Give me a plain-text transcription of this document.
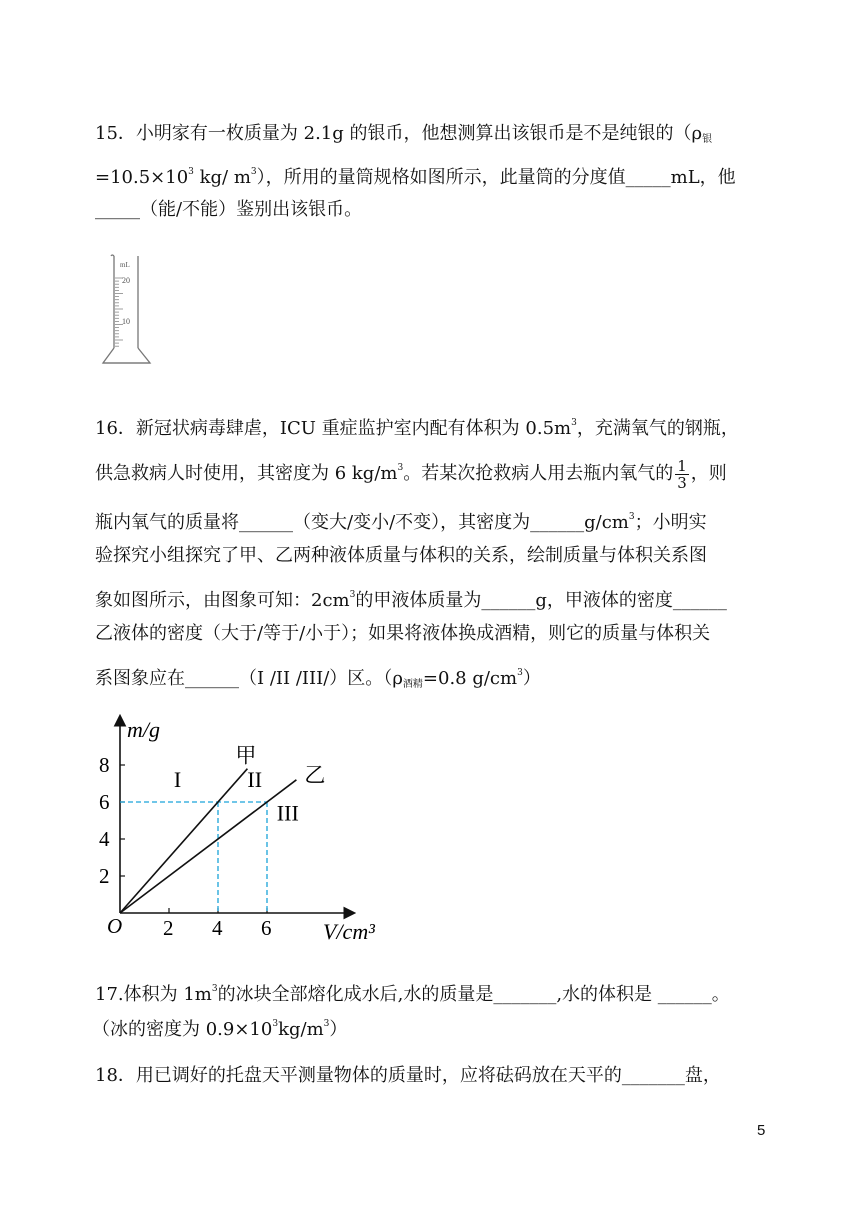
15．小明家有一枚质量为 2.1g 的银币，他想测算出该银币是不是纯银的（$\rho_银$
$=10.5\times 10^3$ kg/ $m^3$），所用的量筒规格如图所示，此量筒的分度值_____mL，他
_____（能/不能）鉴别出该银币。
mL
20
10
16．新冠状病毒肆虐，ICU 重症监护室内配有体积为 $0.5m^3$，充满氧气的钢瓶，
供急救病人时使用，其密度为 6 $kg/m^3$。若某次抢救病人用去瓶内氧气的 $\frac{1}{3}$ ，则
瓶内氧气的质量将______（变大/变小/不变），其密度为$\_\_\_\_\_\_g/cm^3$；小明实
验探究小组探究了甲、乙两种液体质量与体积的关系，绘制质量与体积关系图
象如图所示，由图象可知：$2cm^3$的甲液体质量为______g，甲液体的密度______
乙液体的密度（大于/等于/小于）；如果将液体换成酒精，则它的质量与体积关
系图象应在______（I /II /III/）区。（$\rho_{酒精}=0.8$ $g/cm^3$）
m/g
V/cm³
O 2 4 6
2
4
6
8	甲
乙
I	II
III
17.体积为 $1m^3$的冰块全部熔化成水后,水的质量是_______,水的体积是 ______。
（冰的密度为 $0.9\times 10^3kg/m^3$）
18．用已调好的托盘天平测量物体的质量时，应将砝码放在天平的_______盘，
5
